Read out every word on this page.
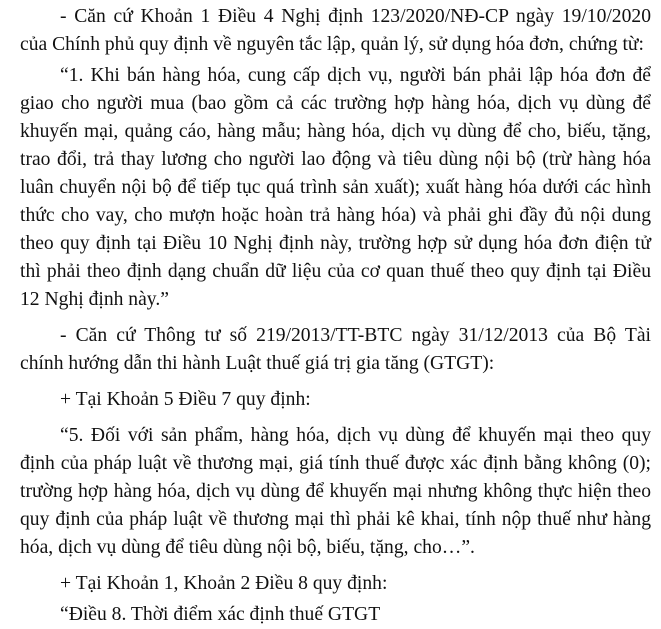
- Căn cứ Khoản 1 Điều 4 Nghị định 123/2020/NĐ-CP ngày 19/10/2020 của Chính phủ quy định về nguyên tắc lập, quản lý, sử dụng hóa đơn, chứng từ:

“1. Khi bán hàng hóa, cung cấp dịch vụ, người bán phải lập hóa đơn để giao cho người mua (bao gồm cả các trường hợp hàng hóa, dịch vụ dùng để khuyến mại, quảng cáo, hàng mẫu; hàng hóa, dịch vụ dùng để cho, biếu, tặng, trao đổi, trả thay lương cho người lao động và tiêu dùng nội bộ (trừ hàng hóa luân chuyển nội bộ để tiếp tục quá trình sản xuất); xuất hàng hóa dưới các hình thức cho vay, cho mượn hoặc hoàn trả hàng hóa) và phải ghi đầy đủ nội dung theo quy định tại Điều 10 Nghị định này, trường hợp sử dụng hóa đơn điện tử thì phải theo định dạng chuẩn dữ liệu của cơ quan thuế theo quy định tại Điều 12 Nghị định này.”

- Căn cứ Thông tư số 219/2013/TT-BTC ngày 31/12/2013 của Bộ Tài chính hướng dẫn thi hành Luật thuế giá trị gia tăng (GTGT):

+ Tại Khoản 5 Điều 7 quy định:

“5. Đối với sản phẩm, hàng hóa, dịch vụ dùng để khuyến mại theo quy định của pháp luật về thương mại, giá tính thuế được xác định bằng không (0); trường hợp hàng hóa, dịch vụ dùng để khuyến mại nhưng không thực hiện theo quy định của pháp luật về thương mại thì phải kê khai, tính nộp thuế như hàng hóa, dịch vụ dùng để tiêu dùng nội bộ, biếu, tặng, cho…”.

+ Tại Khoản 1, Khoản 2 Điều 8 quy định:

“Điều 8. Thời điểm xác định thuế GTGT
